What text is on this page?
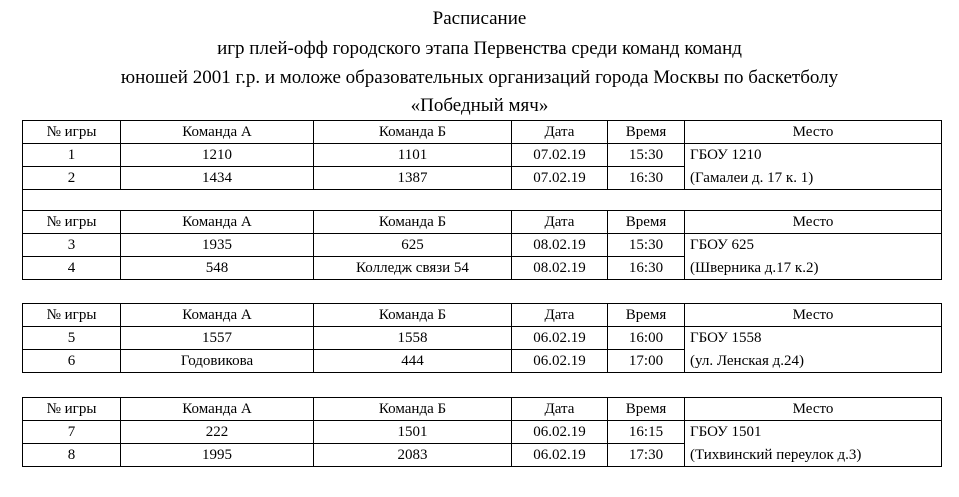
Расписание
игр плей-офф городского этапа Первенства среди команд команд
юношей 2001 г.р. и моложе образовательных организаций города Москвы по баскетболу
«Победный мяч»
№ игры	Команда А	Команда Б	Дата	Время	Место
1	1210	1101	07.02.19	15:30	ГБОУ 1210
2	1434	1387	07.02.19	16:30	(Гамалеи д. 17 к. 1)

№ игры	Команда А	Команда Б	Дата	Время	Место
3	1935	625	08.02.19	15:30	ГБОУ 625
4	548	Колледж связи 54	08.02.19	16:30	(Шверника д.17 к.2)
№ игры	Команда А	Команда Б	Дата	Время	Место
5	1557	1558	06.02.19	16:00	ГБОУ 1558
6	Годовикова	444	06.02.19	17:00	(ул. Ленская д.24)
№ игры	Команда А	Команда Б	Дата	Время	Место
7	222	1501	06.02.19	16:15	ГБОУ 1501
8	1995	2083	06.02.19	17:30	(Тихвинский переулок д.3)
